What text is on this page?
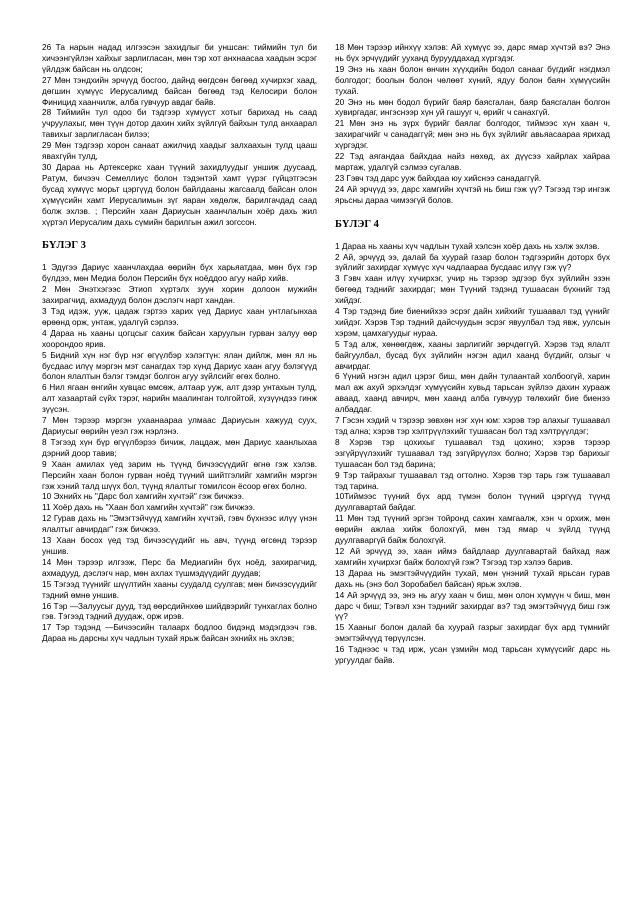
26 Та нарын надад илгээсэн захидлыг би уншсан: тиймийн тул би хичээнгүйлэн хайхыг зарлигласан, мөн тэр хот анхнаасаа хаадын эсрэг үйлдэж байсан нь олдсон;

27 Мөн тэндхийн эрчүүд босгоо, дайнд өөгдсөн бөгөөд хүчирхэг хаад, дөгшин хүмүүс Иерусалимд байсан бөгөөд тэд Келосири болон Финицид хаанчилж, алба гувчуур авдаг байв.

28 Тиймийн тул одоо би тэдгээр хүмүүст хотыг барихад нь саад учруулахыг, мөн түүн дотор дахин хийх зүйлгүй байхын тулд анхаарал тавихыг зарлигласан билээ;

29 Мөн тэдгээр хорон санаат ажилчид хаадыг залхаахын тулд цааш явахгүйн тулд,

30 Дараа нь Артексеркс хаан түүний захидлуудыг уншиж дуусаад, Ратум, бичээч Семеллиус болон тэдэнтэй хамт үүрэг гүйцэтгэсэн бусад хүмүүс морьт цэргүүд болон байлдааны жагсаалд байсан олон хүмүүсийн хамт Иерусалимын зүг яаран хөдөлж, барилгачдад саад болж эхлэв. ; Персийн хаан Дариусын хаанчлалын хоёр дахь жил хүртэл Иерусалим дахь сүмийн барилгын ажил зогссон.

БҮЛЭГ 3

1 Эдүгээ Дариус хаанчлахдаа өөрийн бүх харьяатдаа, мөн бүх гэр бүлдээ, мөн Медиа болон Персийн бүх ноёддоо агуу найр хийв.

2 Мөн Энэтхэгээс Этиоп хүртэлх зуун хорин долоон мужийн захирагчид, ахмадууд болон дэслэгч нарт хандан.

3 Тэд идэж, уүж, цадаж гэртээ харих үед Дариус хаан унтлагынхаа өрөөнд орж, унтаж, удалгүй сэрлээ.

4 Дараа нь хааны цогцсыг сахиж байсан харуулын гурван залуу өөр хоорондоо ярив.

5 Бидний хүн нэг бүр нэг өгүүлбэр хэлэгтүн: ялан дийлж, мөн ял нь бусдаас илүү мэргэн мэт санагдах тэр хүнд Дариус хаан агуу бэлэгүүд болон ялалтын бэлэг тэмдэг болгон агуу зүйлсийг өгөх болно.

6 Нил ягаан өнгийн хувцас өмсөж, алтаар ууж, алт дээр унтахын тулд, алт хазаартай сүйх тэрэг, нарийн маалинган толгойтой, хүзүүндээ гинж зүүсэн.

7 Мөн тэрээр мэргэн ухаанаараа улмаас Дариусын хажууд суух, Дариусыг өөрийн үеэл гэж нэрлэнэ.

8 Тэгээд хүн бүр өгүүлбэрээ бичиж, лацдаж, мөн Дариус хаанлыхаа дэрний доор тавив;

9 Хаан амилах үед зарим нь түүнд бичээсүүдийг өгнө гэж хэлэв. Персийн хаан болон гурван ноёд түүний шийтгэлийг хамгийн мэргэн гэж хэний талд шүүх бол, түүнд ялалтыг томилсон ёсоор өгөх болно.

10 Эхнийх нь "Дарс бол хамгийн хүчтэй" гэж бичжээ.

11 Хоёр дахь нь "Хаан бол хамгийн хүчтэй" гэж бичжээ.

12 Гурав дахь нь "Эмэгтэйчүүд хамгийн хүчтэй, гэвч бүхнээс илүү үнэн ялалтыг авчирдаг" гэж бичжээ.

13 Хаан босох үед тэд бичээсүүдийг нь авч, түүнд өгсөнд тэрээр уншив.

14 Мөн тэрээр илгээж, Перс ба Медиагийн бүх ноёд, захирагчид, ахмадууд, дэслэгч нар, мөн ахлах түшмэдүүдийг дуудав;

15 Тэгээд түүнийг шүүлтийн хааны суудалд суулгав; мөн бичээсүүдийг тэдний өмнө уншив.

16 Тэр —Залуусыг дууд, тэд өөрсдийнхөө шийдвэрийг тунхаглах болно гэв. Тэгээд тэдний дуудаж, орж ирэв.

17 Тэр тэдэнд —Бичээсийн талаарх бодлоо бидэнд мэдэгдээч гэв. Дараа нь дарсны хүч чадлын тухай ярьж байсан эхнийх нь эхлэв;

18 Мөн тэрээр ийнхүү хэлэв: Ай хүмүүс ээ, дарс ямар хүчтэй вэ? Энэ нь бүх эрчүүдийг ууханд бурууддахад хүргэдэг.

19 Энэ нь хаан болон өнчин хүүхдийн бодол санааг бүгдийг нэгдмэл болгодог; боолын болон чөлөөт хүний, ядуу болон баян хүмүүсийн тухай.

20 Энэ нь мөн бодол бүрийг баяр баясгалан, баяр баясгалан болгон хувиргадаг, ингэснээр хүн уй гашууг ч, өрийг ч санахгүй.

21 Мөн энэ нь зүрх бүрийг баялаг болгодог, тиймээс хүн хаан ч, захирагчийг ч санадаггүй; мөн энэ нь бүх зүйлийг авьяасаараа ярихад хүргэдэг.

22 Тэд аягандаа байхдаа найз нөхөд, ах дүүсээ хайрлах хайраа мартаж, удалгүй сэлмээ сугалав.

23 Гэвч тэд дарс ууж байхдаа юу хийснээ санадаггүй.

24 Ай эрчүүд ээ, дарс хамгийн хүчтэй нь биш гэж үү? Тэгээд тэр ингэж ярьсны дараа чимээгүй болов.

БҮЛЭГ 4

1 Дараа нь хааны хүч чадлын тухай хэлсэн хоёр дахь нь хэлж эхлэв.

2 Ай, эрчүүд ээ, далай ба хуурай газар болон тэдгээрийн доторх бүх зүйлийг захирдаг хүмүүс хүч чадлаараа бусдаас илүү гэж үү?

3 Гэвч хаан илүү хүчирхэг, учир нь тэрээр эдгээр бүх зүйлийн эзэн бөгөөд тэднийг захирдаг; мөн Түүний тэдэнд тушаасан бүхнийг тэд хийдэг.

4 Тэр тэдэнд бие биенийхээ эсрэг дайн хийхийг тушаавал тэд үүнийг хийдэг. Хэрэв Тэр тэдний дайсчуудын эсрэг явуулбал тэд явж, уулсын хэрэм, цамхагуудыг нураа.

5 Тэд алж, хөнөөгдөж, хааны зарлигийг зөрчдөггүй. Хэрэв тэд ялалт байгуулбал, бусад бүх зүйлийн нэгэн адил хаанд бүгдийг, олзыг ч авчирдаг.

6 Үүний нэгэн адил цэрэг биш, мөн дайн тулаантай холбоогүй, харин мал аж ахуй эрхэлдэг хүмүүсийн хувьд тарьсан зүйлээ дахин хурааж аваад, хаанд авчирч, мөн хаанд алба гувчуур төлөхийг бие биенээ албаддаг.

7 Гэсэн хэдий ч тэрээр зөвхөн нэг хүн юм: хэрэв тэр алахыг тушаавал тэд ална; хэрэв тэр хэлтрүүлэхийг тушаасан бол тэд хэлтрүүлдэг;

8 Хэрэв тэр цохихыг тушаавал тэд цохино; хэрэв тэрээр эзгүйрүүлэхийг тушаавал тэд эзгүйрүүлэх болно; Хэрэв тэр барихыг тушаасан бол тэд барина;

9 Тэр тайрахыг тушаавал тэд огтолно. Хэрэв тэр тарь гэж тушаавал тэд тарина.

10Тиймээс түүний бүх ард түмэн болон түүний цэргүүд түүнд дуулгавартай байдаг.

11 Мөн тэд түүний эргэн тойронд сахин хамгаалж, хэн ч орхиж, мөн өөрийн ажлаа хийж болохгүй, мөн тэд ямар ч зүйлд түүнд дуулгаваргүй байж болохгүй.

12 Ай эрчүүд ээ, хаан иймэ байдлаар дуулгавартай байхад яаж хамгийн хүчирхэг байж болохгүй гэж? Тэгээд тэр хэлээ барив.

13 Дараа нь эмэгтэйчүүдийн тухай, мөн үнэний тухай ярьсан гурав дахь нь (энэ бол Зоробабел байсан) ярьж эхлэв.

14 Ай эрчүүд ээ, энэ нь агуу хаан ч биш, мөн олон хүмүүн ч биш, мөн дарс ч биш; Тэгвэл хэн тэднийг захирдаг вэ? тэд эмэгтэйчүүд биш гэж үү?

15 Хааныг болон далай ба хуурай газрыг захирдаг бүх ард түмнийг эмэгтэйчүүд төрүүлсэн.

16 Тэднээс ч тэд ирж, усан үзмийн мод тарьсан хүмүүсийг дарс нь ургуулдаг байв.
